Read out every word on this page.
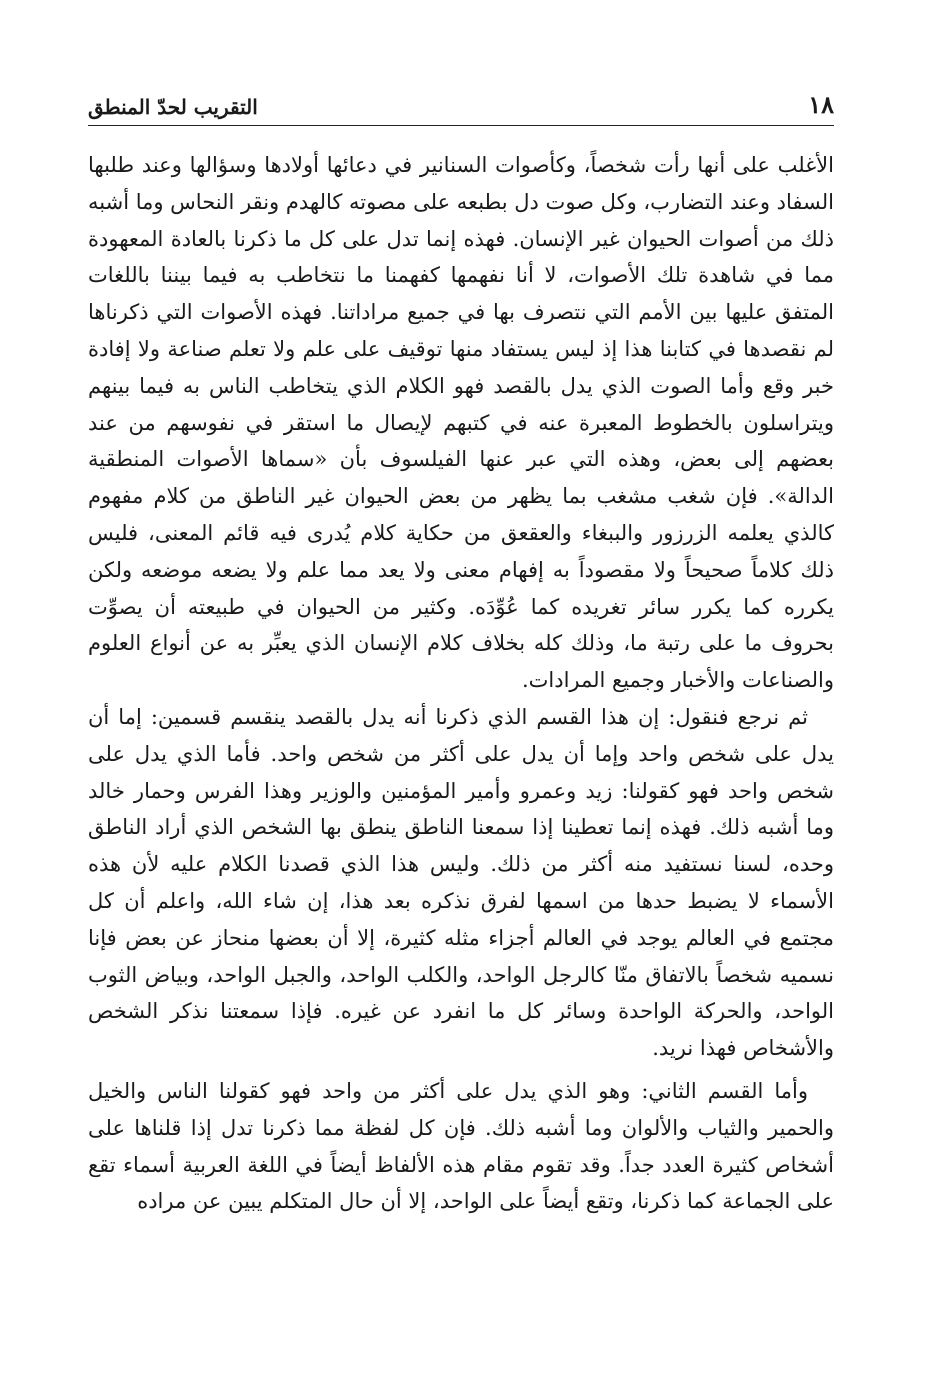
١٨
التقريب لحدّ المنطق

الأغلب على أنها رأت شخصاً، وكأصوات السنانير في دعائها أولادها وسؤالها وعند طلبها السفاد وعند التضارب، وكل صوت دل بطبعه على مصوته كالهدم ونقر النحاس وما أشبه ذلك من أصوات الحيوان غير الإنسان. فهذه إنما تدل على كل ما ذكرنا بالعادة المعهودة مما في شاهدة تلك الأصوات، لا أنا نفهمها كفهمنا ما نتخاطب به فيما بيننا باللغات المتفق عليها بين الأمم التي نتصرف بها في جميع مراداتنا. فهذه الأصوات التي ذكرناها لم نقصدها في كتابنا هذا إذ ليس يستفاد منها توقيف على علم ولا تعلم صناعة ولا إفادة خبر وقع وأما الصوت الذي يدل بالقصد فهو الكلام الذي يتخاطب الناس به فيما بينهم ويتراسلون بالخطوط المعبرة عنه في كتبهم لإيصال ما استقر في نفوسهم من عند بعضهم إلى بعض، وهذه التي عبر عنها الفيلسوف بأن «سماها الأصوات المنطقية الدالة». فإن شغب مشغب بما يظهر من بعض الحيوان غير الناطق من كلام مفهوم كالذي يعلمه الزرزور والببغاء والعقعق من حكاية كلام يُدرى فيه قائم المعنى، فليس ذلك كلاماً صحيحاً ولا مقصوداً به إفهام معنى ولا يعد مما علم ولا يضعه موضعه ولكن يكرره كما يكرر سائر تغريده كما عُوِّدَه. وكثير من الحيوان في طبيعته أن يصوِّت بحروف ما على رتبة ما، وذلك كله بخلاف كلام الإنسان الذي يعبِّر به عن أنواع العلوم والصناعات والأخبار وجميع المرادات.

ثم نرجع فنقول: إن هذا القسم الذي ذكرنا أنه يدل بالقصد ينقسم قسمين: إما أن يدل على شخص واحد وإما أن يدل على أكثر من شخص واحد. فأما الذي يدل على شخص واحد فهو كقولنا: زيد وعمرو وأمير المؤمنين والوزير وهذا الفرس وحمار خالد وما أشبه ذلك. فهذه إنما تعطينا إذا سمعنا الناطق ينطق بها الشخص الذي أراد الناطق وحده، لسنا نستفيد منه أكثر من ذلك. وليس هذا الذي قصدنا الكلام عليه لأن هذه الأسماء لا يضبط حدها من اسمها لفرق نذكره بعد هذا، إن شاء الله، واعلم أن كل مجتمع في العالم يوجد في العالم أجزاء مثله كثيرة، إلا أن بعضها منحاز عن بعض فإنا نسميه شخصاً بالاتفاق منّا كالرجل الواحد، والكلب الواحد، والجبل الواحد، وبياض الثوب الواحد، والحركة الواحدة وسائر كل ما انفرد عن غيره. فإذا سمعتنا نذكر الشخص والأشخاص فهذا نريد.

وأما القسم الثاني: وهو الذي يدل على أكثر من واحد فهو كقولنا الناس والخيل والحمير والثياب والألوان وما أشبه ذلك. فإن كل لفظة مما ذكرنا تدل إذا قلناها على أشخاص كثيرة العدد جداً. وقد تقوم مقام هذه الألفاظ أيضاً في اللغة العربية أسماء تقع على الجماعة كما ذكرنا، وتقع أيضاً على الواحد، إلا أن حال المتكلم يبين عن مراده
